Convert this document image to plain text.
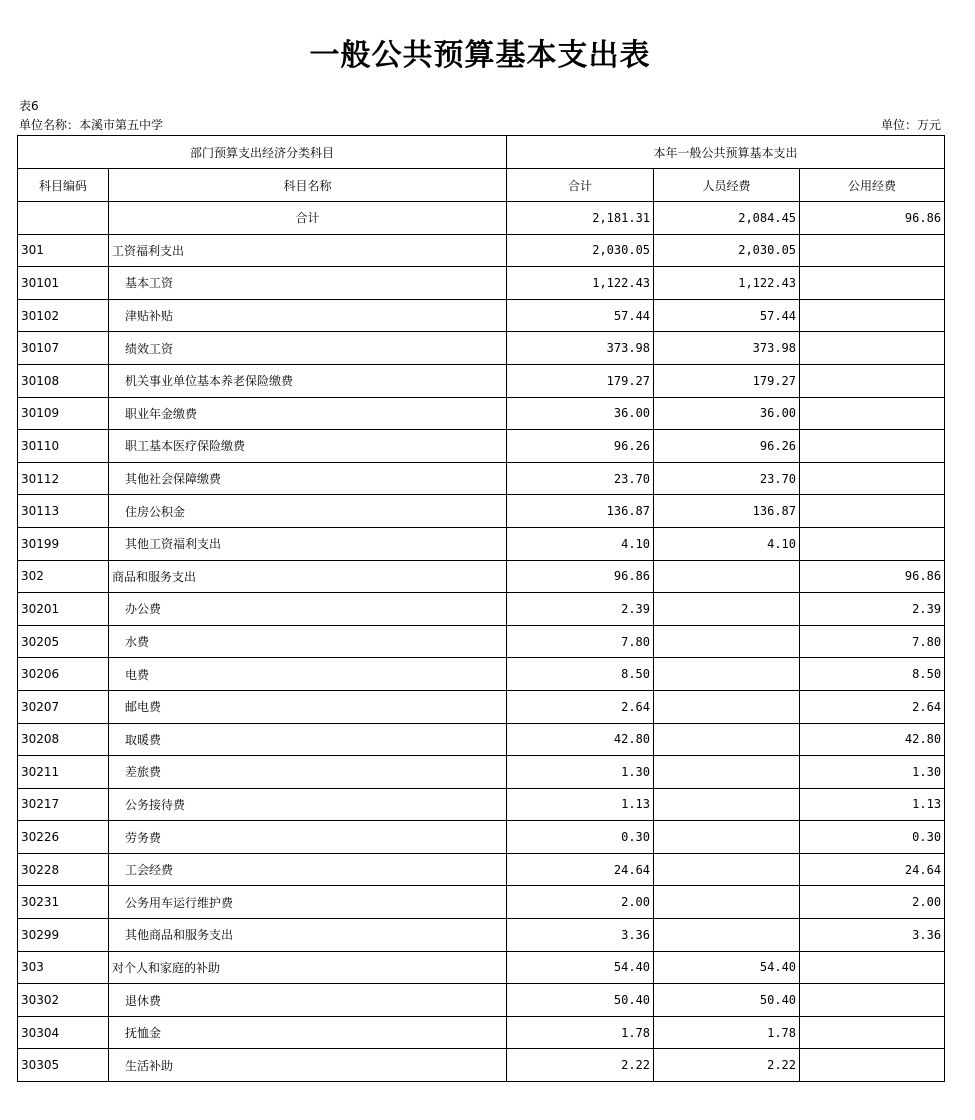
一般公共预算基本支出表
表6
单位名称：本溪市第五中学	单位：万元
部门预算支出经济分类科目		本年一般公共预算基本支出		
科目编码	科目名称	合计	人员经费	公用经费
	合计	2,181.31	2,084.45	96.86
301	工资福利支出	2,030.05	2,030.05	
30101	基本工资	1,122.43	1,122.43	
30102	津贴补贴	57.44	57.44	
30107	绩效工资	373.98	373.98	
30108	机关事业单位基本养老保险缴费	179.27	179.27	
30109	职业年金缴费	36.00	36.00	
30110	职工基本医疗保险缴费	96.26	96.26	
30112	其他社会保障缴费	23.70	23.70	
30113	住房公积金	136.87	136.87	
30199	其他工资福利支出	4.10	4.10	
302	商品和服务支出	96.86		96.86
30201	办公费	2.39		2.39
30205	水费	7.80		7.80
30206	电费	8.50		8.50
30207	邮电费	2.64		2.64
30208	取暖费	42.80		42.80
30211	差旅费	1.30		1.30
30217	公务接待费	1.13		1.13
30226	劳务费	0.30		0.30
30228	工会经费	24.64		24.64
30231	公务用车运行维护费	2.00		2.00
30299	其他商品和服务支出	3.36		3.36
303	对个人和家庭的补助	54.40	54.40	
30302	退休费	50.40	50.40	
30304	抚恤金	1.78	1.78	
30305	生活补助	2.22	2.22	
